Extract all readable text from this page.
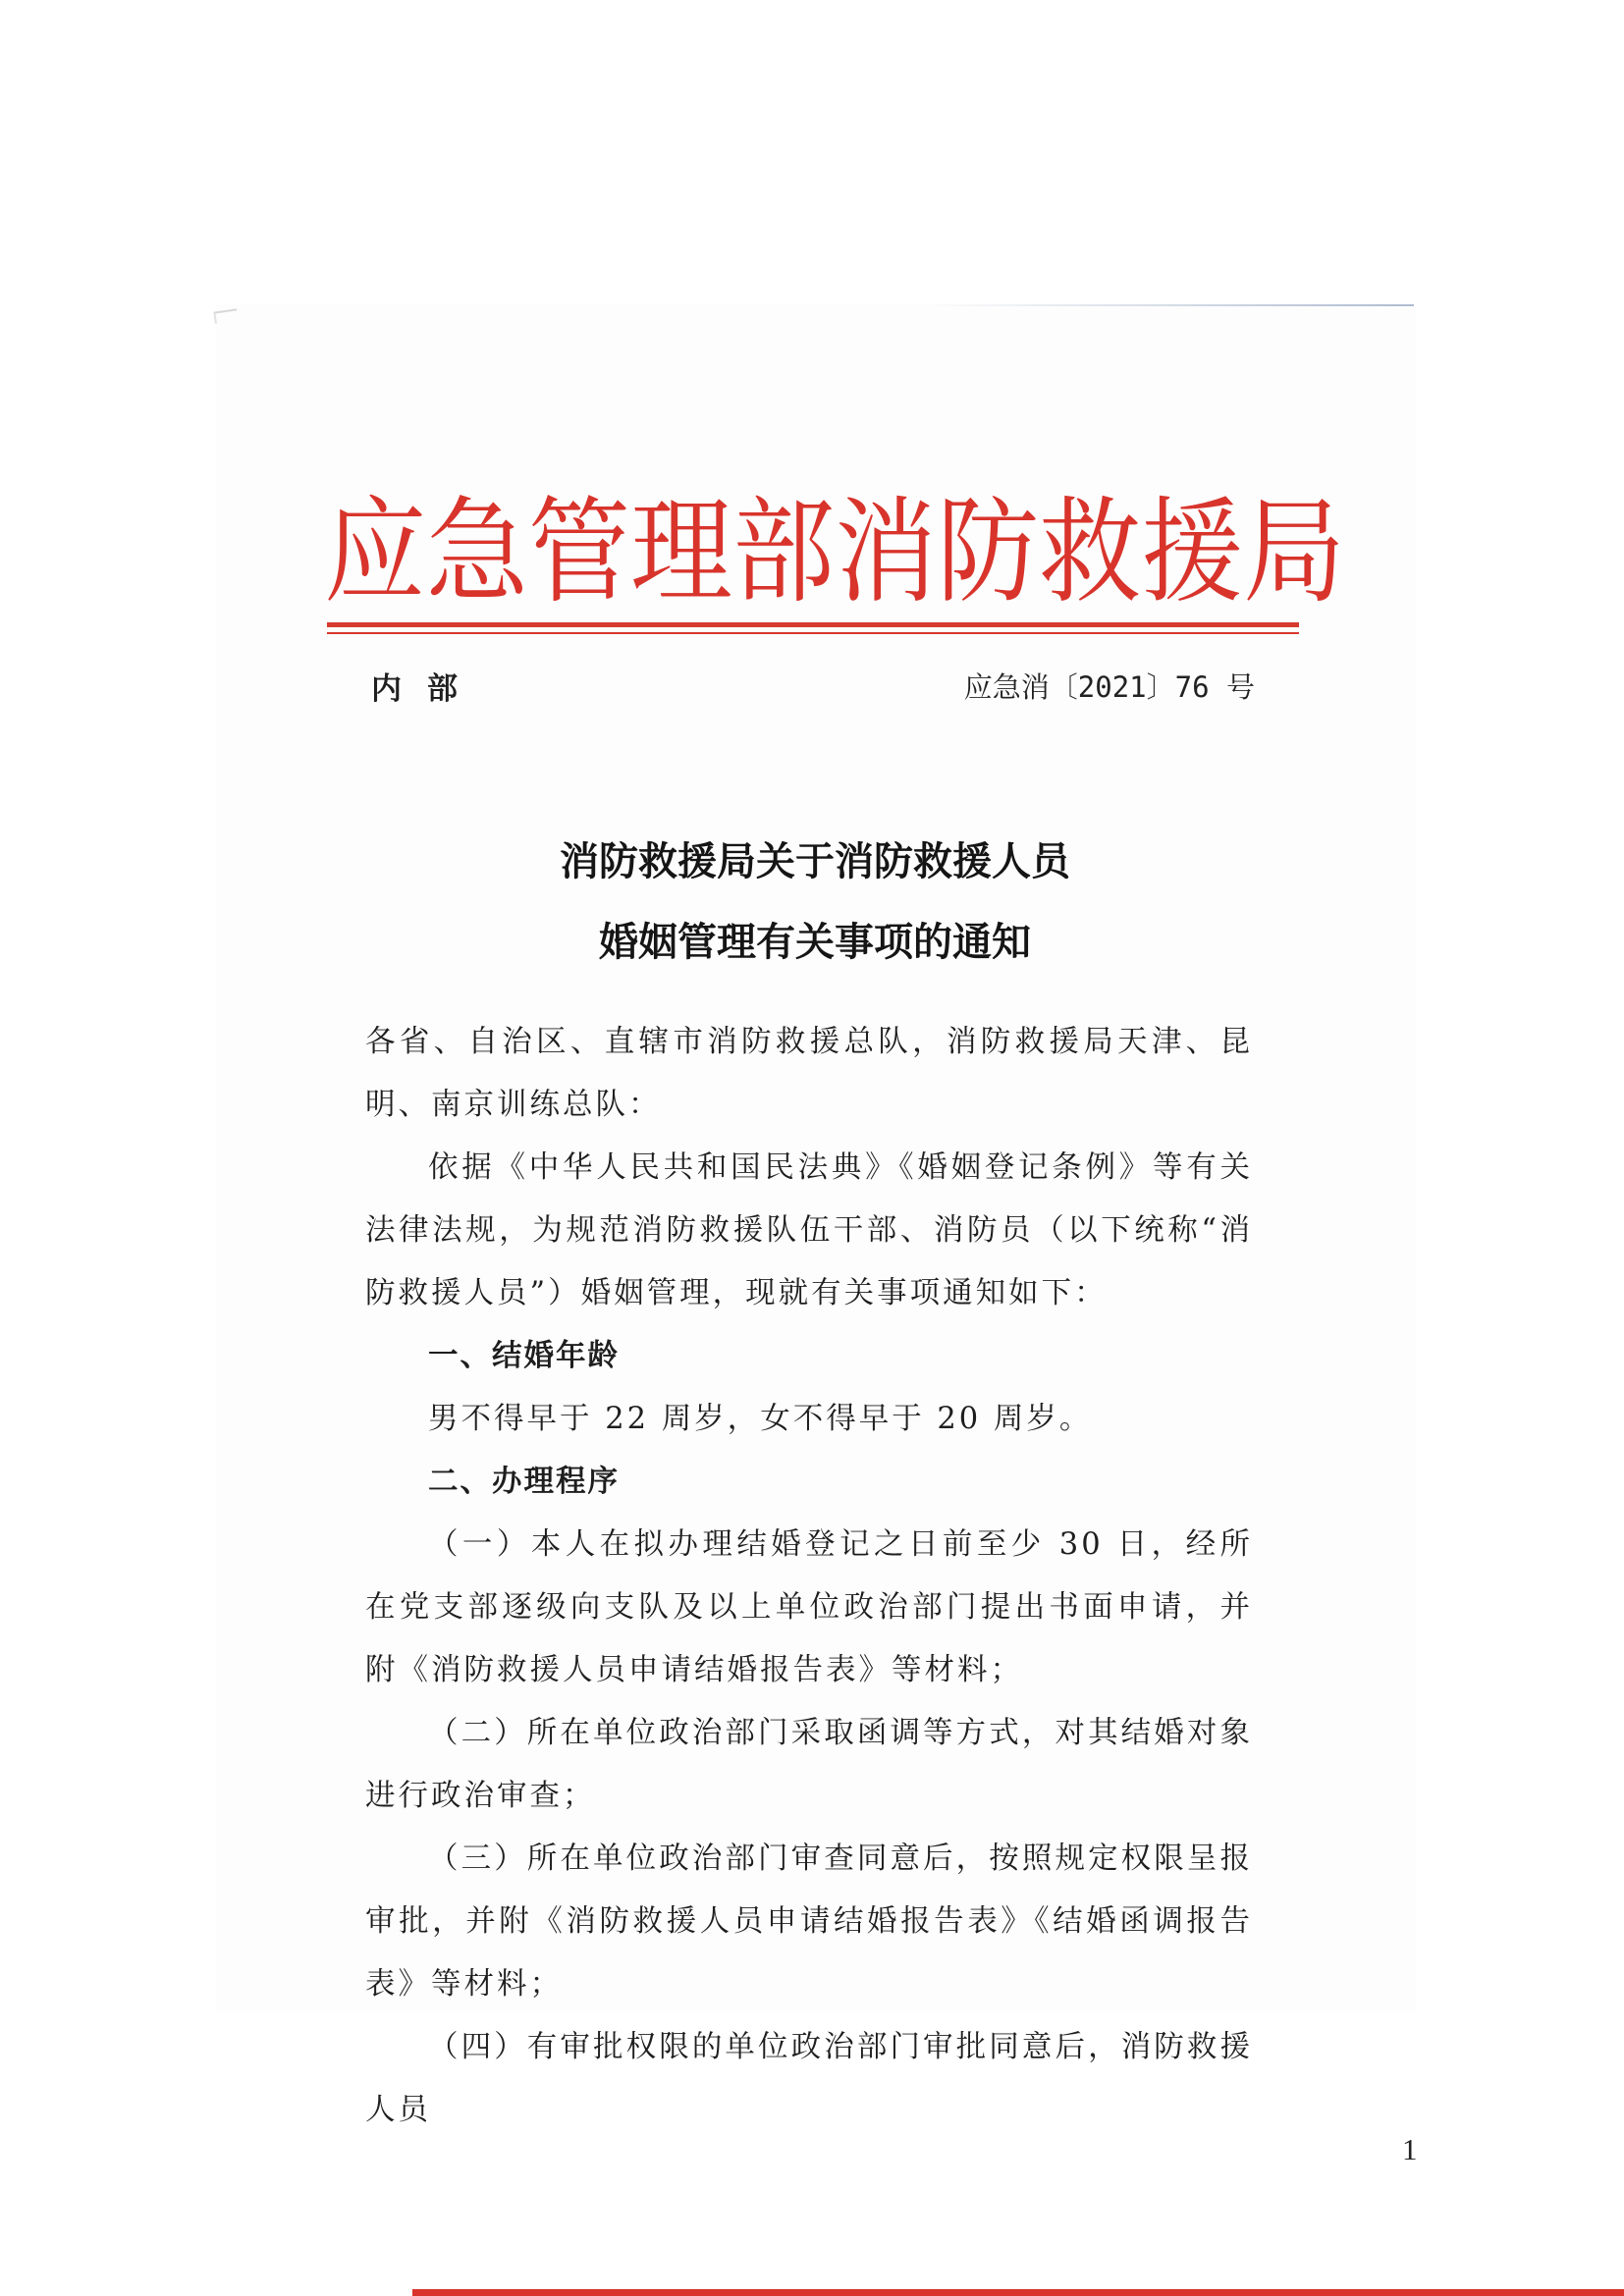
应 急 管 理 部 消 防 救 援 局
内部	应急消〔2021〕76 号
消防救援局关于消防救援人员
婚姻管理有关事项的通知

各省、自治区、直辖市消防救援总队，消防救援局天津、昆明、南京训练总队：

依据《中华人民共和国民法典》《婚姻登记条例》等有关法律法规，为规范消防救援队伍干部、消防员（以下统称“消防救援人员”）婚姻管理，现就有关事项通知如下：

一、结婚年龄

男不得早于 22 周岁，女不得早于 20 周岁。

二、办理程序

（一）本人在拟办理结婚登记之日前至少 30 日，经所在党支部逐级向支队及以上单位政治部门提出书面申请，并附《消防救援人员申请结婚报告表》等材料；

（二）所在单位政治部门采取函调等方式，对其结婚对象进行政治审查；

（三）所在单位政治部门审查同意后，按照规定权限呈报审批，并附《消防救援人员申请结婚报告表》《结婚函调报告表》等材料；

（四）有审批权限的单位政治部门审批同意后，消防救援人员

1
